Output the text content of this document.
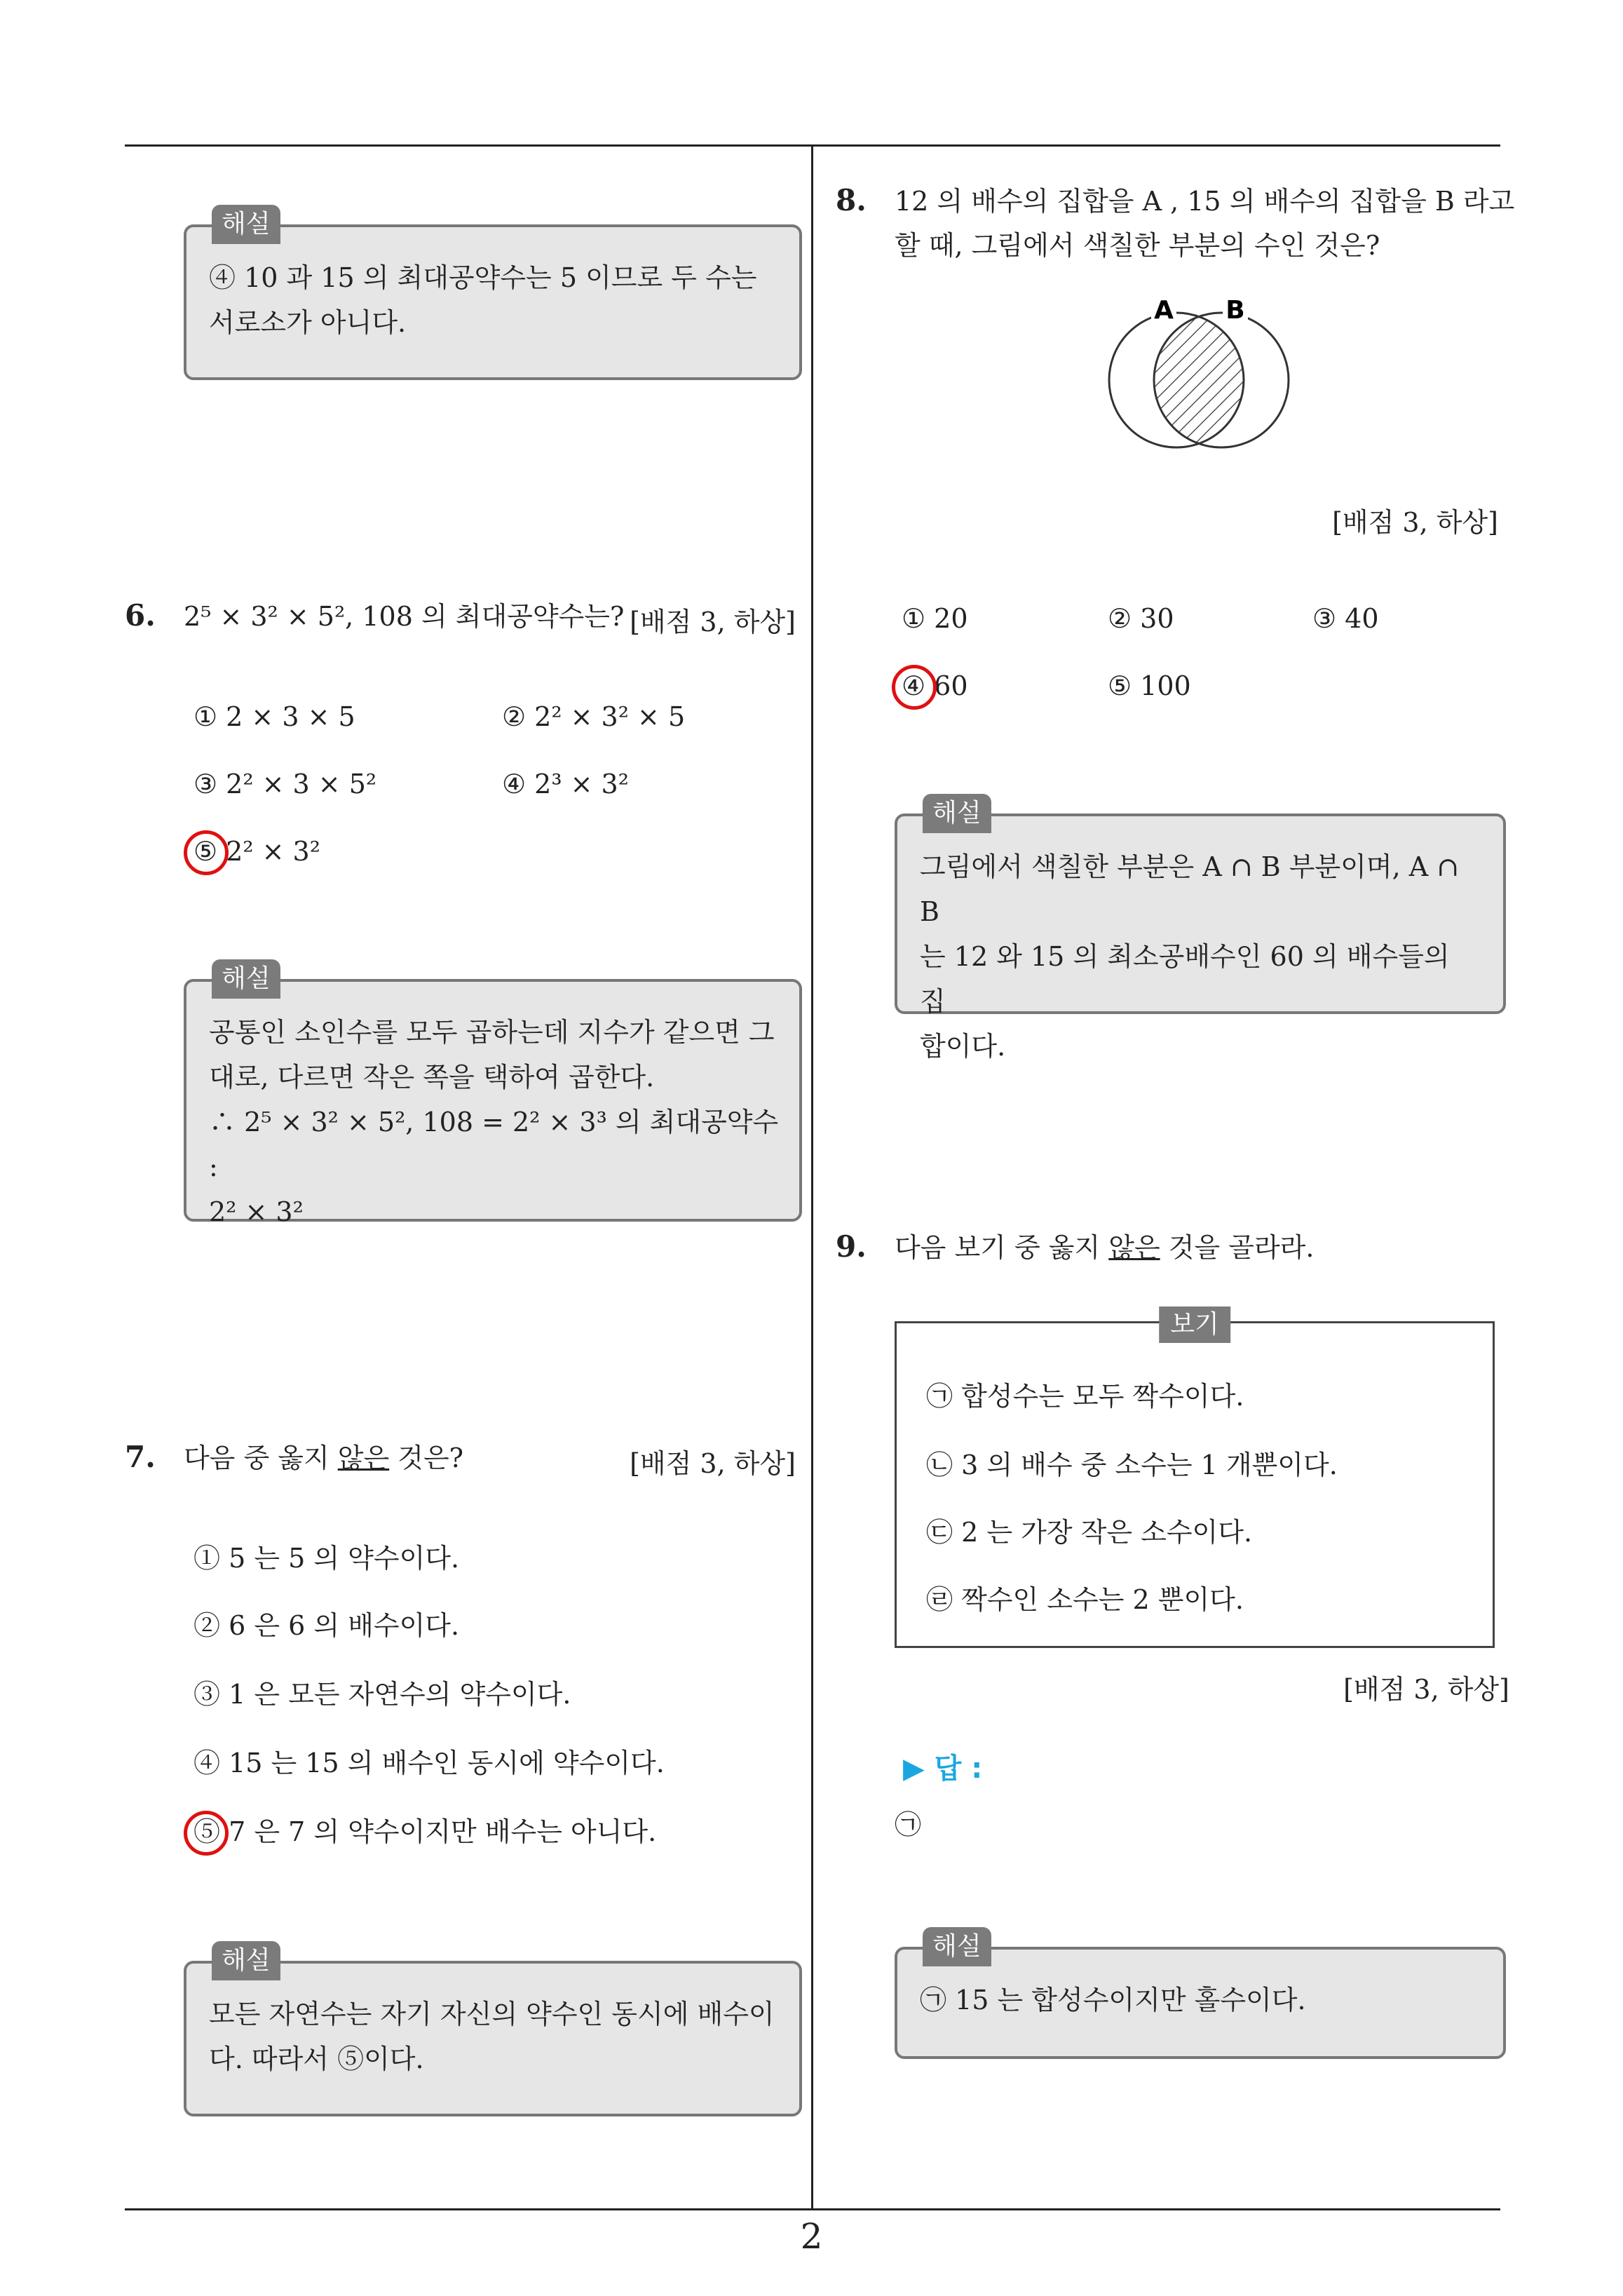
해설
④ 10 과 15 의 최대공약수는 5 이므로 두 수는
서로소가 아니다.
6. 2⁵ × 3² × 5², 108 의 최대공약수는? [배점 3, 하상]
① 2 × 3 × 5	② 2² × 3² × 5
③ 2² × 3 × 5²	④ 2³ × 3²
⑤ 2² × 3²
해설
공통인 소인수를 모두 곱하는데 지수가 같으면 그
대로, 다르면 작은 쪽을 택하여 곱한다.
∴ 2⁵ × 3² × 5², 108 = 2² × 3³ 의 최대공약수 :
2² × 3²
7. 다음 중 옳지 않은 것은?	[배점 3, 하상]
① 5 는 5 의 약수이다.
② 6 은 6 의 배수이다.
③ 1 은 모든 자연수의 약수이다.
④ 15 는 15 의 배수인 동시에 약수이다.
⑤ 7 은 7 의 약수이지만 배수는 아니다.
해설
모든 자연수는 자기 자신의 약수인 동시에 배수이
다. 따라서 ⑤이다.
8. 12 의 배수의 집합을 A , 15 의 배수의 집합을 B 라고
할 때, 그림에서 색칠한 부분의 수인 것은?
A B
[배점 3, 하상]
① 20	② 30	③ 40
④ 60	⑤ 100
해설
그림에서 색칠한 부분은 A ∩ B 부분이며, A ∩ B
는 12 와 15 의 최소공배수인 60 의 배수들의 집
합이다.
9. 다음 보기 중 옳지 않은 것을 골라라.
보기
㉠ 합성수는 모두 짝수이다.
㉡ 3 의 배수 중 소수는 1 개뿐이다.
㉢ 2 는 가장 작은 소수이다.
㉣ 짝수인 소수는 2 뿐이다.
[배점 3, 하상]
▶ 답 :
㉠
해설
㉠ 15 는 합성수이지만 홀수이다.
2
